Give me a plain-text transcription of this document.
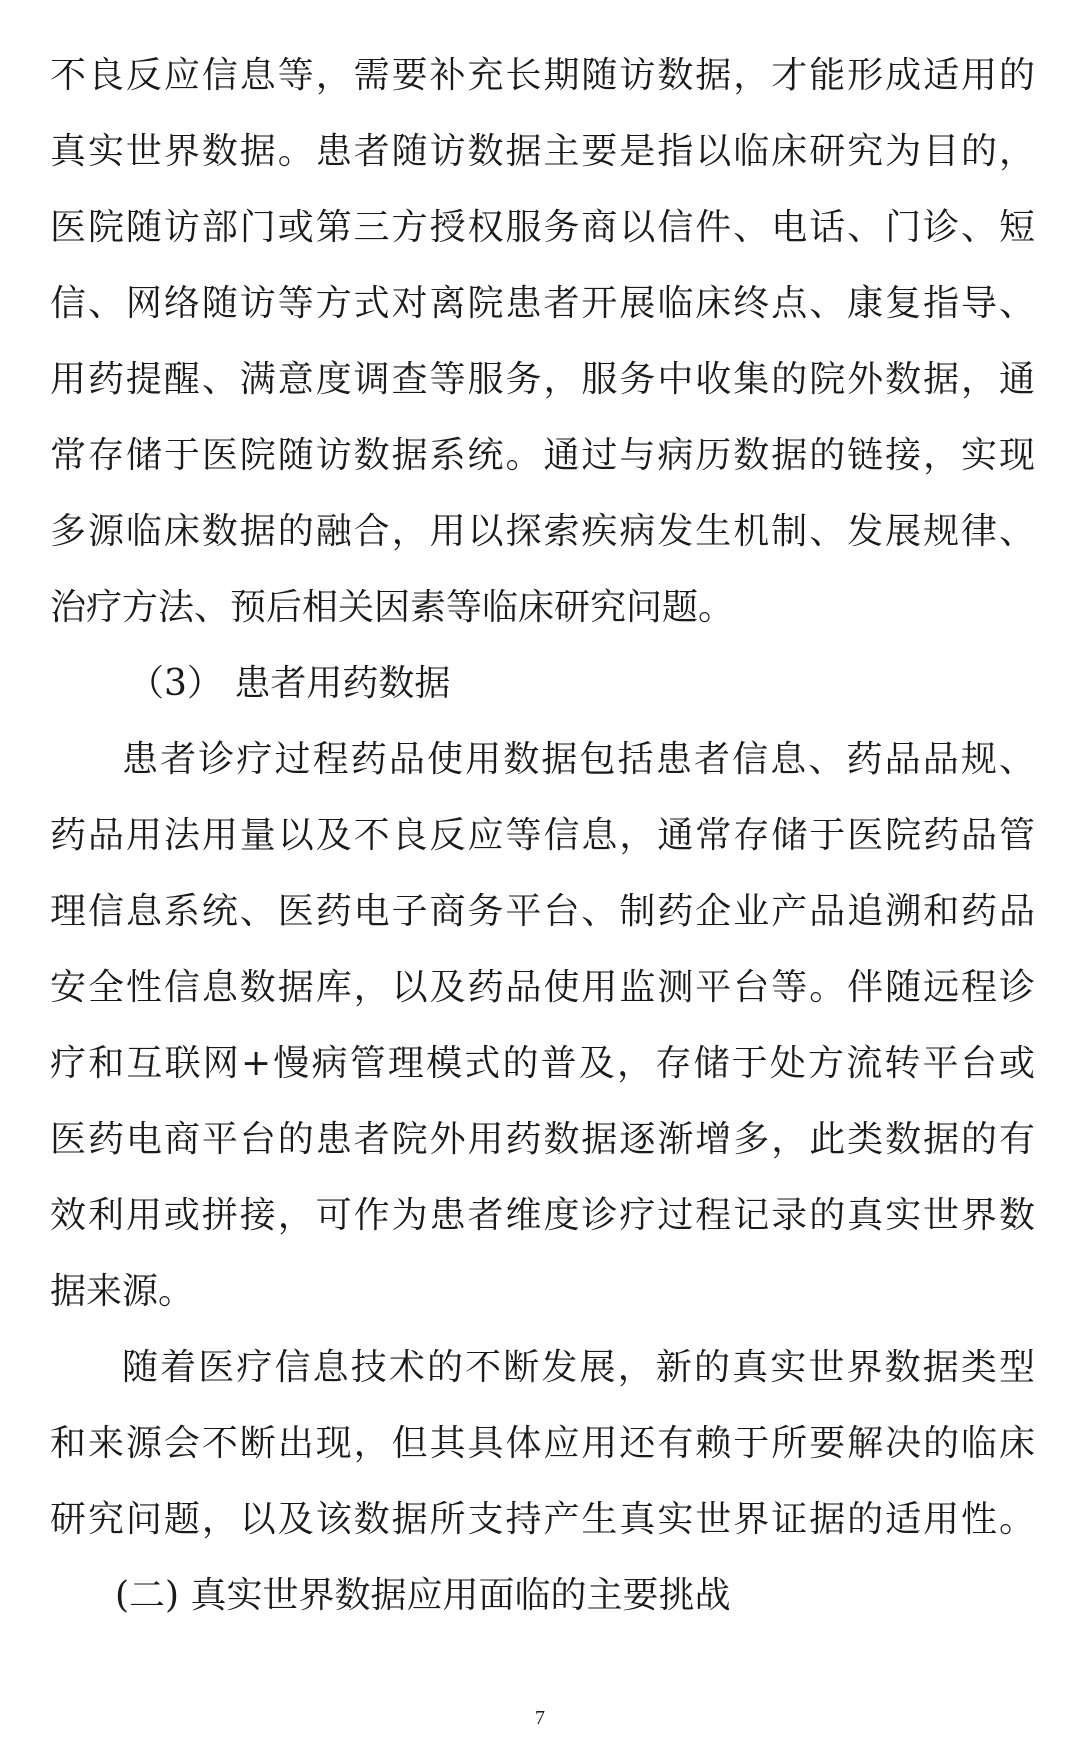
不良反应信息等，需要补充长期随访数据，才能形成适用的
真实世界数据。患者随访数据主要是指以临床研究为目的，
医院随访部门或第三方授权服务商以信件、电话、门诊、短
信、网络随访等方式对离院患者开展临床终点、康复指导、
用药提醒、满意度调查等服务，服务中收集的院外数据，通
常存储于医院随访数据系统。通过与病历数据的链接，实现
多源临床数据的融合，用以探索疾病发生机制、发展规律、
治疗方法、预后相关因素等临床研究问题。
（3） 患者用药数据
患者诊疗过程药品使用数据包括患者信息、药品品规、
药品用法用量以及不良反应等信息，通常存储于医院药品管
理信息系统、医药电子商务平台、制药企业产品追溯和药品
安全性信息数据库，以及药品使用监测平台等。伴随远程诊
疗和互联网+慢病管理模式的普及，存储于处方流转平台或
医药电商平台的患者院外用药数据逐渐增多，此类数据的有
效利用或拼接，可作为患者维度诊疗过程记录的真实世界数
据来源。
随着医疗信息技术的不断发展，新的真实世界数据类型
和来源会不断出现，但其具体应用还有赖于所要解决的临床
研究问题，以及该数据所支持产生真实世界证据的适用性。
(二) 真实世界数据应用面临的主要挑战
7
